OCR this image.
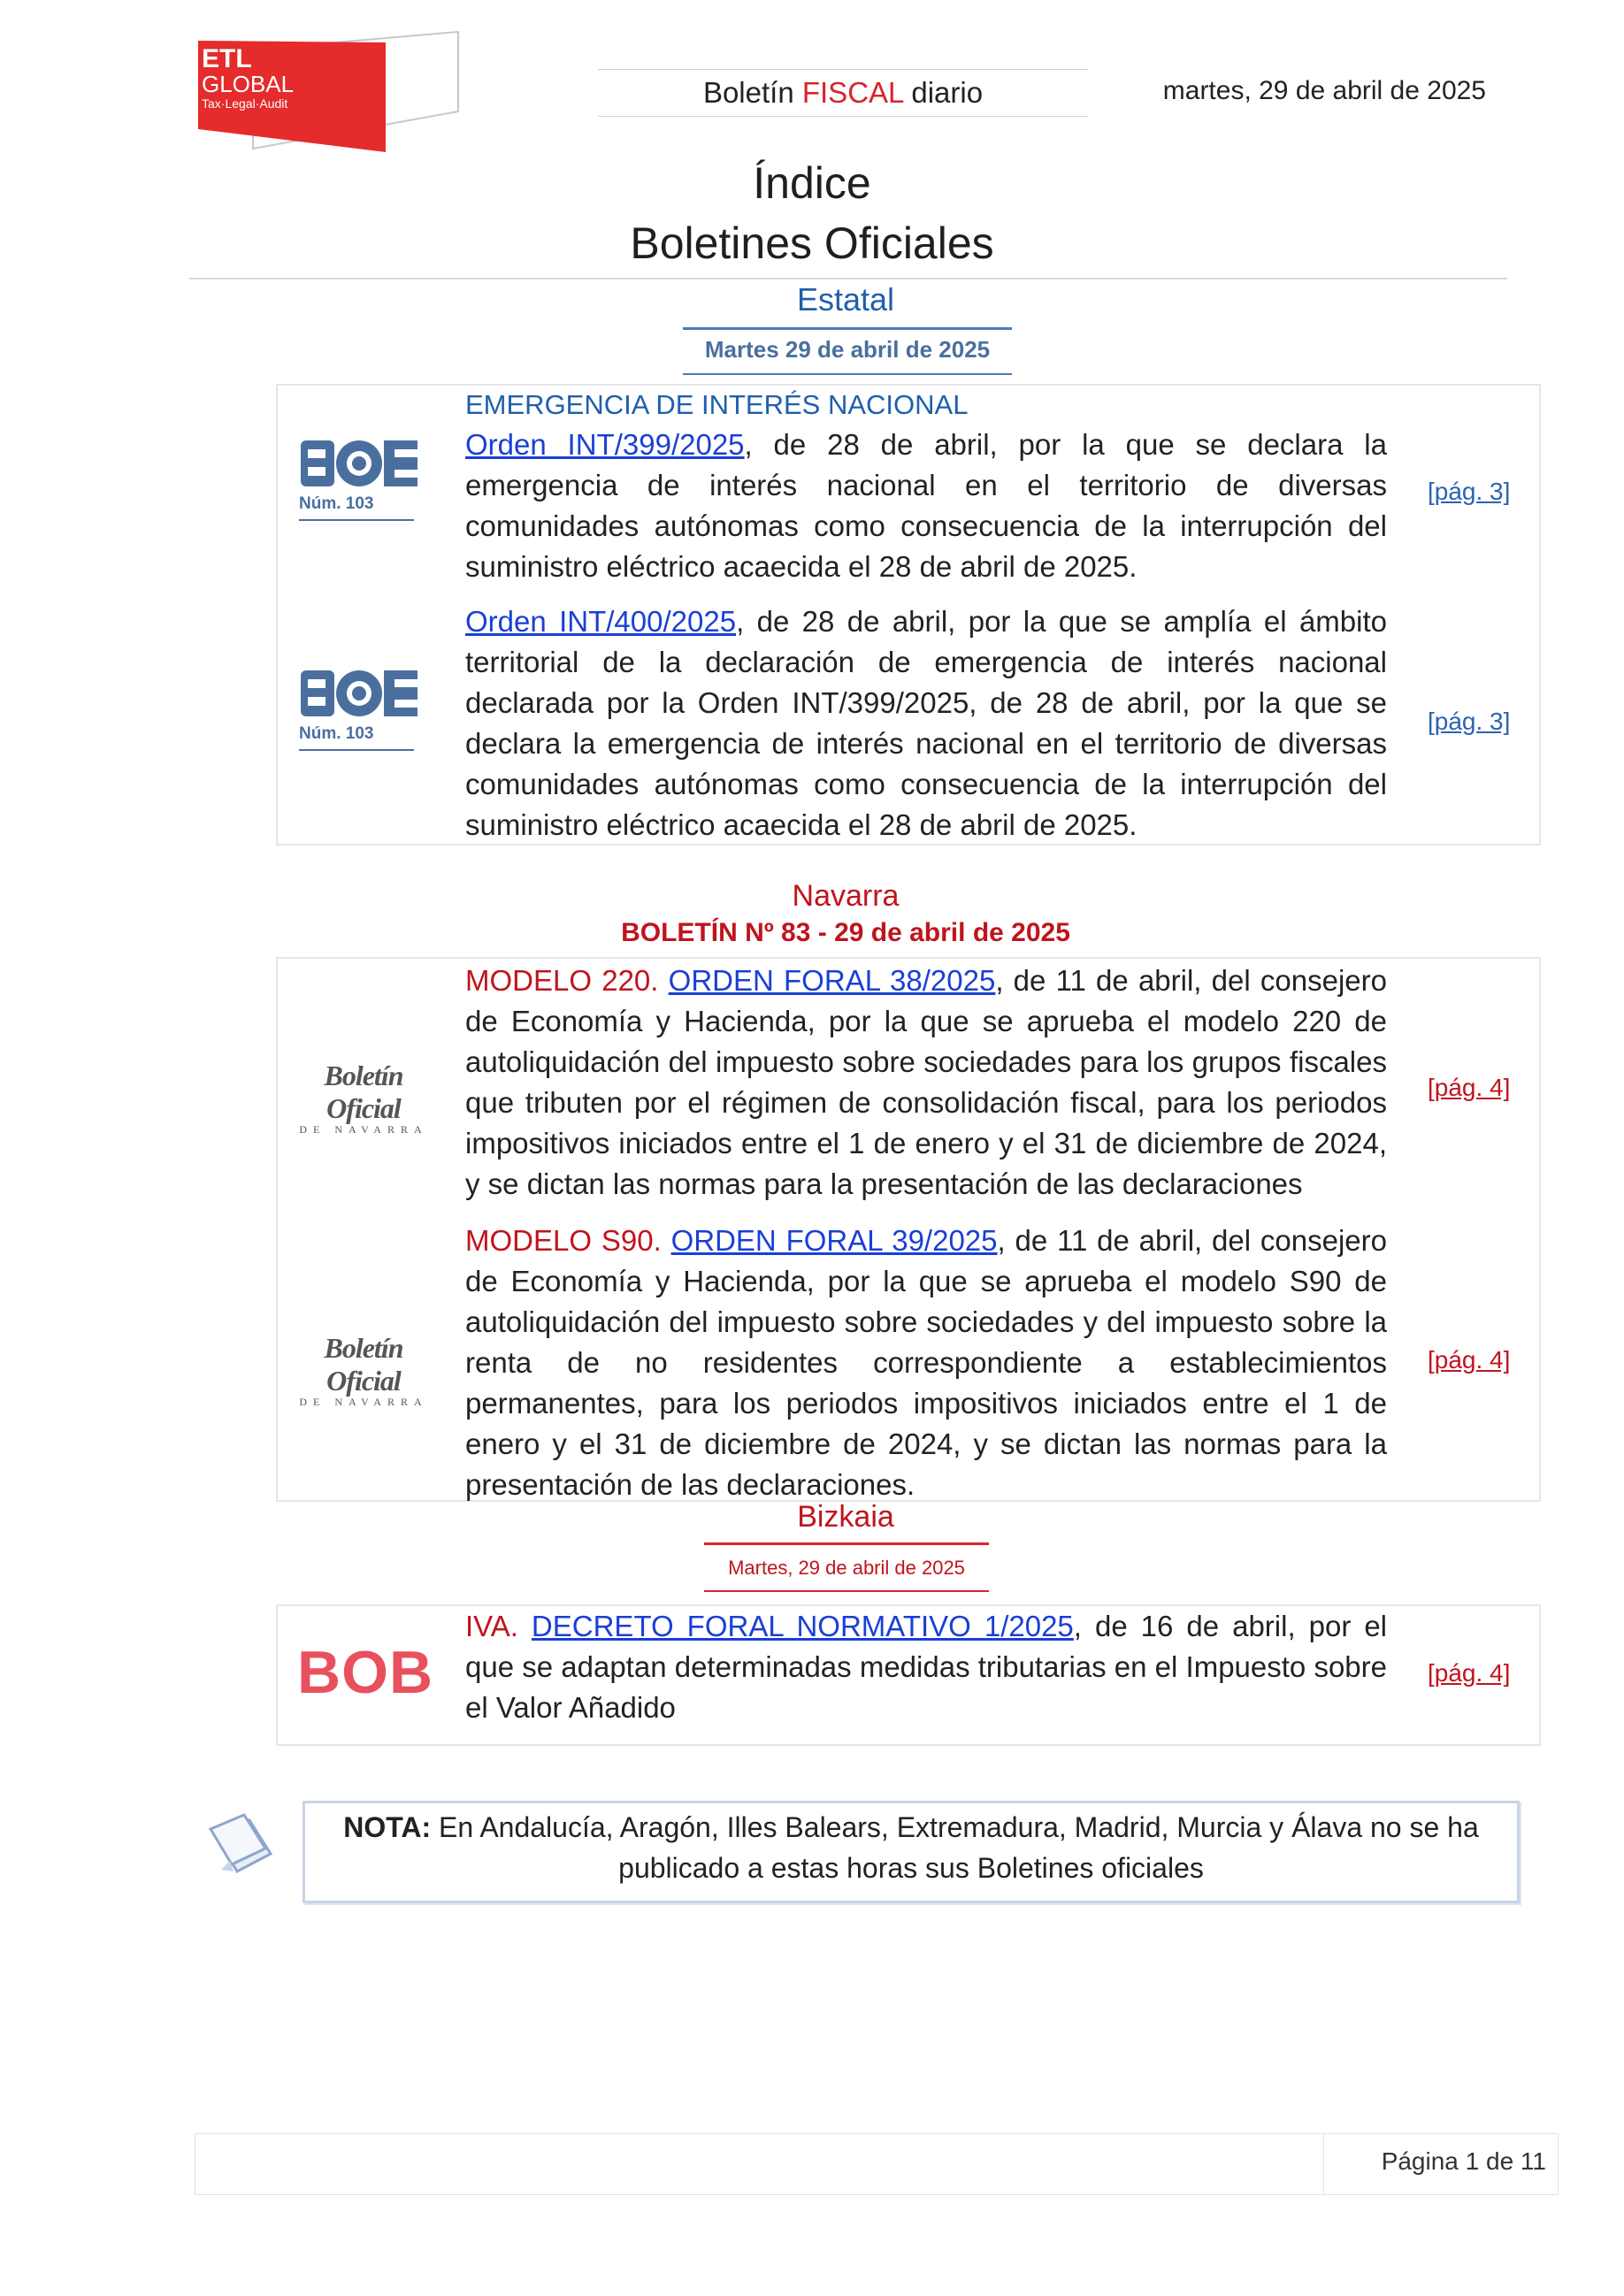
ETL
GLOBAL
Tax·Legal·Audit	Boletín FISCAL diario	martes, 29 de abril de 2025
Índice
Boletines Oficiales
Estatal
Martes 29 de abril de 2025
Núm. 103
EMERGENCIA DE INTERÉS NACIONAL
Orden INT/399/2025, de 28 de abril, por la que se declara la emergencia de interés nacional en el territorio de diversas comunidades autónomas como consecuencia de la interrupción del suministro eléctrico acaecida el 28 de abril de 2025.
[pág. 3]
Núm. 103
Orden INT/400/2025, de 28 de abril, por la que se amplía el ámbito territorial de la declaración de emergencia de interés nacional declarada por la Orden INT/399/2025, de 28 de abril, por la que se declara la emergencia de interés nacional en el territorio de diversas comunidades autónomas como consecuencia de la interrupción del suministro eléctrico acaecida el 28 de abril de 2025.
[pág. 3]
Navarra
BOLETÍN Nº 83 - 29 de abril de 2025
Boletín Oficial
DE NAVARRA
MODELO 220. ORDEN FORAL 38/2025, de 11 de abril, del consejero de Economía y Hacienda, por la que se aprueba el modelo 220 de autoliquidación del impuesto sobre sociedades para los grupos fiscales que tributen por el régimen de consolidación fiscal, para los periodos impositivos iniciados entre el 1 de enero y el 31 de diciembre de 2024, y se dictan las normas para la presentación de las declaraciones
[pág. 4]
Boletín Oficial
DE NAVARRA
MODELO S90. ORDEN FORAL 39/2025, de 11 de abril, del consejero de Economía y Hacienda, por la que se aprueba el modelo S90 de autoliquidación del impuesto sobre sociedades y del impuesto sobre la renta de no residentes correspondiente a establecimientos permanentes, para los periodos impositivos iniciados entre el 1 de enero y el 31 de diciembre de 2024, y se dictan las normas para la presentación de las declaraciones.
[pág. 4]
Bizkaia
Martes, 29 de abril de 2025
BOB
IVA. DECRETO FORAL NORMATIVO 1/2025, de 16 de abril, por el que se adaptan determinadas medidas tributarias en el Impuesto sobre el Valor Añadido
[pág. 4]
NOTA: En Andalucía, Aragón, Illes Balears, Extremadura, Madrid, Murcia y Álava no se ha publicado a estas horas sus Boletines oficiales
Página 1 de 11
